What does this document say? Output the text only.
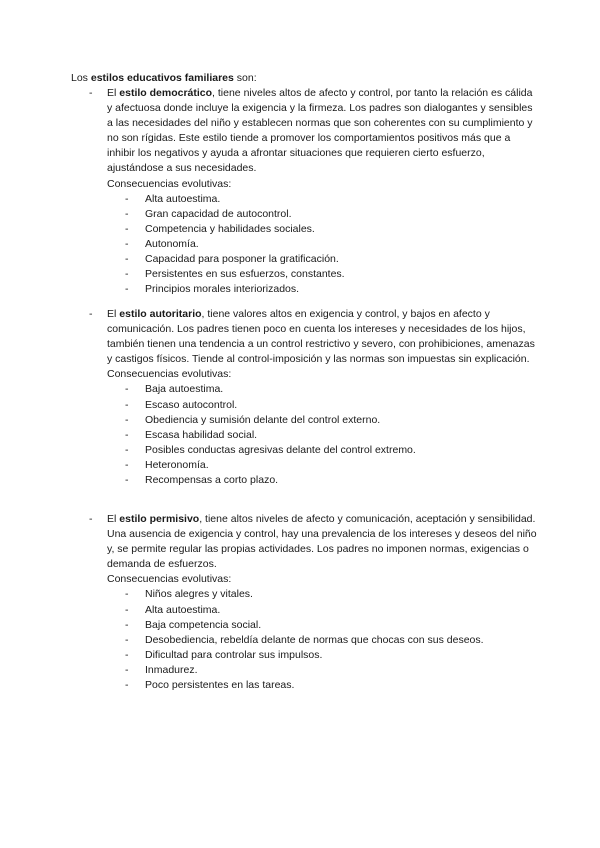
Los estilos educativos familiares son:

- El estilo democrático, tiene niveles altos de afecto y control, por tanto la relación es cálida y afectuosa donde incluye la exigencia y la firmeza. Los padres son dialogantes y sensibles a las necesidades del niño y establecen normas que son coherentes con su cumplimiento y no son rígidas. Este estilo tiende a promover los comportamientos positivos más que a inhibir los negativos y ayuda a afrontar situaciones que requieren cierto esfuerzo, ajustándose a sus necesidades.

Consecuencias evolutivas:

- Alta autoestima.
- Gran capacidad de autocontrol.
- Competencia y habilidades sociales.
- Autonomía.
- Capacidad para posponer la gratificación.
- Persistentes en sus esfuerzos, constantes.
- Principios morales interiorizados.
- El estilo autoritario, tiene valores altos en exigencia y control, y bajos en afecto y comunicación. Los padres tienen poco en cuenta los intereses y necesidades de los hijos, también tienen una tendencia a un control restrictivo y severo, con prohibiciones, amenazas y castigos físicos. Tiende al control-imposición y las normas son impuestas sin explicación.

Consecuencias evolutivas:

- Baja autoestima.
- Escaso autocontrol.
- Obediencia y sumisión delante del control externo.
- Escasa habilidad social.
- Posibles conductas agresivas delante del control extremo.
- Heteronomía.
- Recompensas a corto plazo.
- El estilo permisivo, tiene altos niveles de afecto y comunicación, aceptación y sensibilidad. Una ausencia de exigencia y control, hay una prevalencia de los intereses y deseos del niño y, se permite regular las propias actividades. Los padres no imponen normas, exigencias o demanda de esfuerzos.

Consecuencias evolutivas:

- Niños alegres y vitales.
- Alta autoestima.
- Baja competencia social.
- Desobediencia, rebeldía delante de normas que chocas con sus deseos.
- Dificultad para controlar sus impulsos.
- Inmadurez.
- Poco persistentes en las tareas.
